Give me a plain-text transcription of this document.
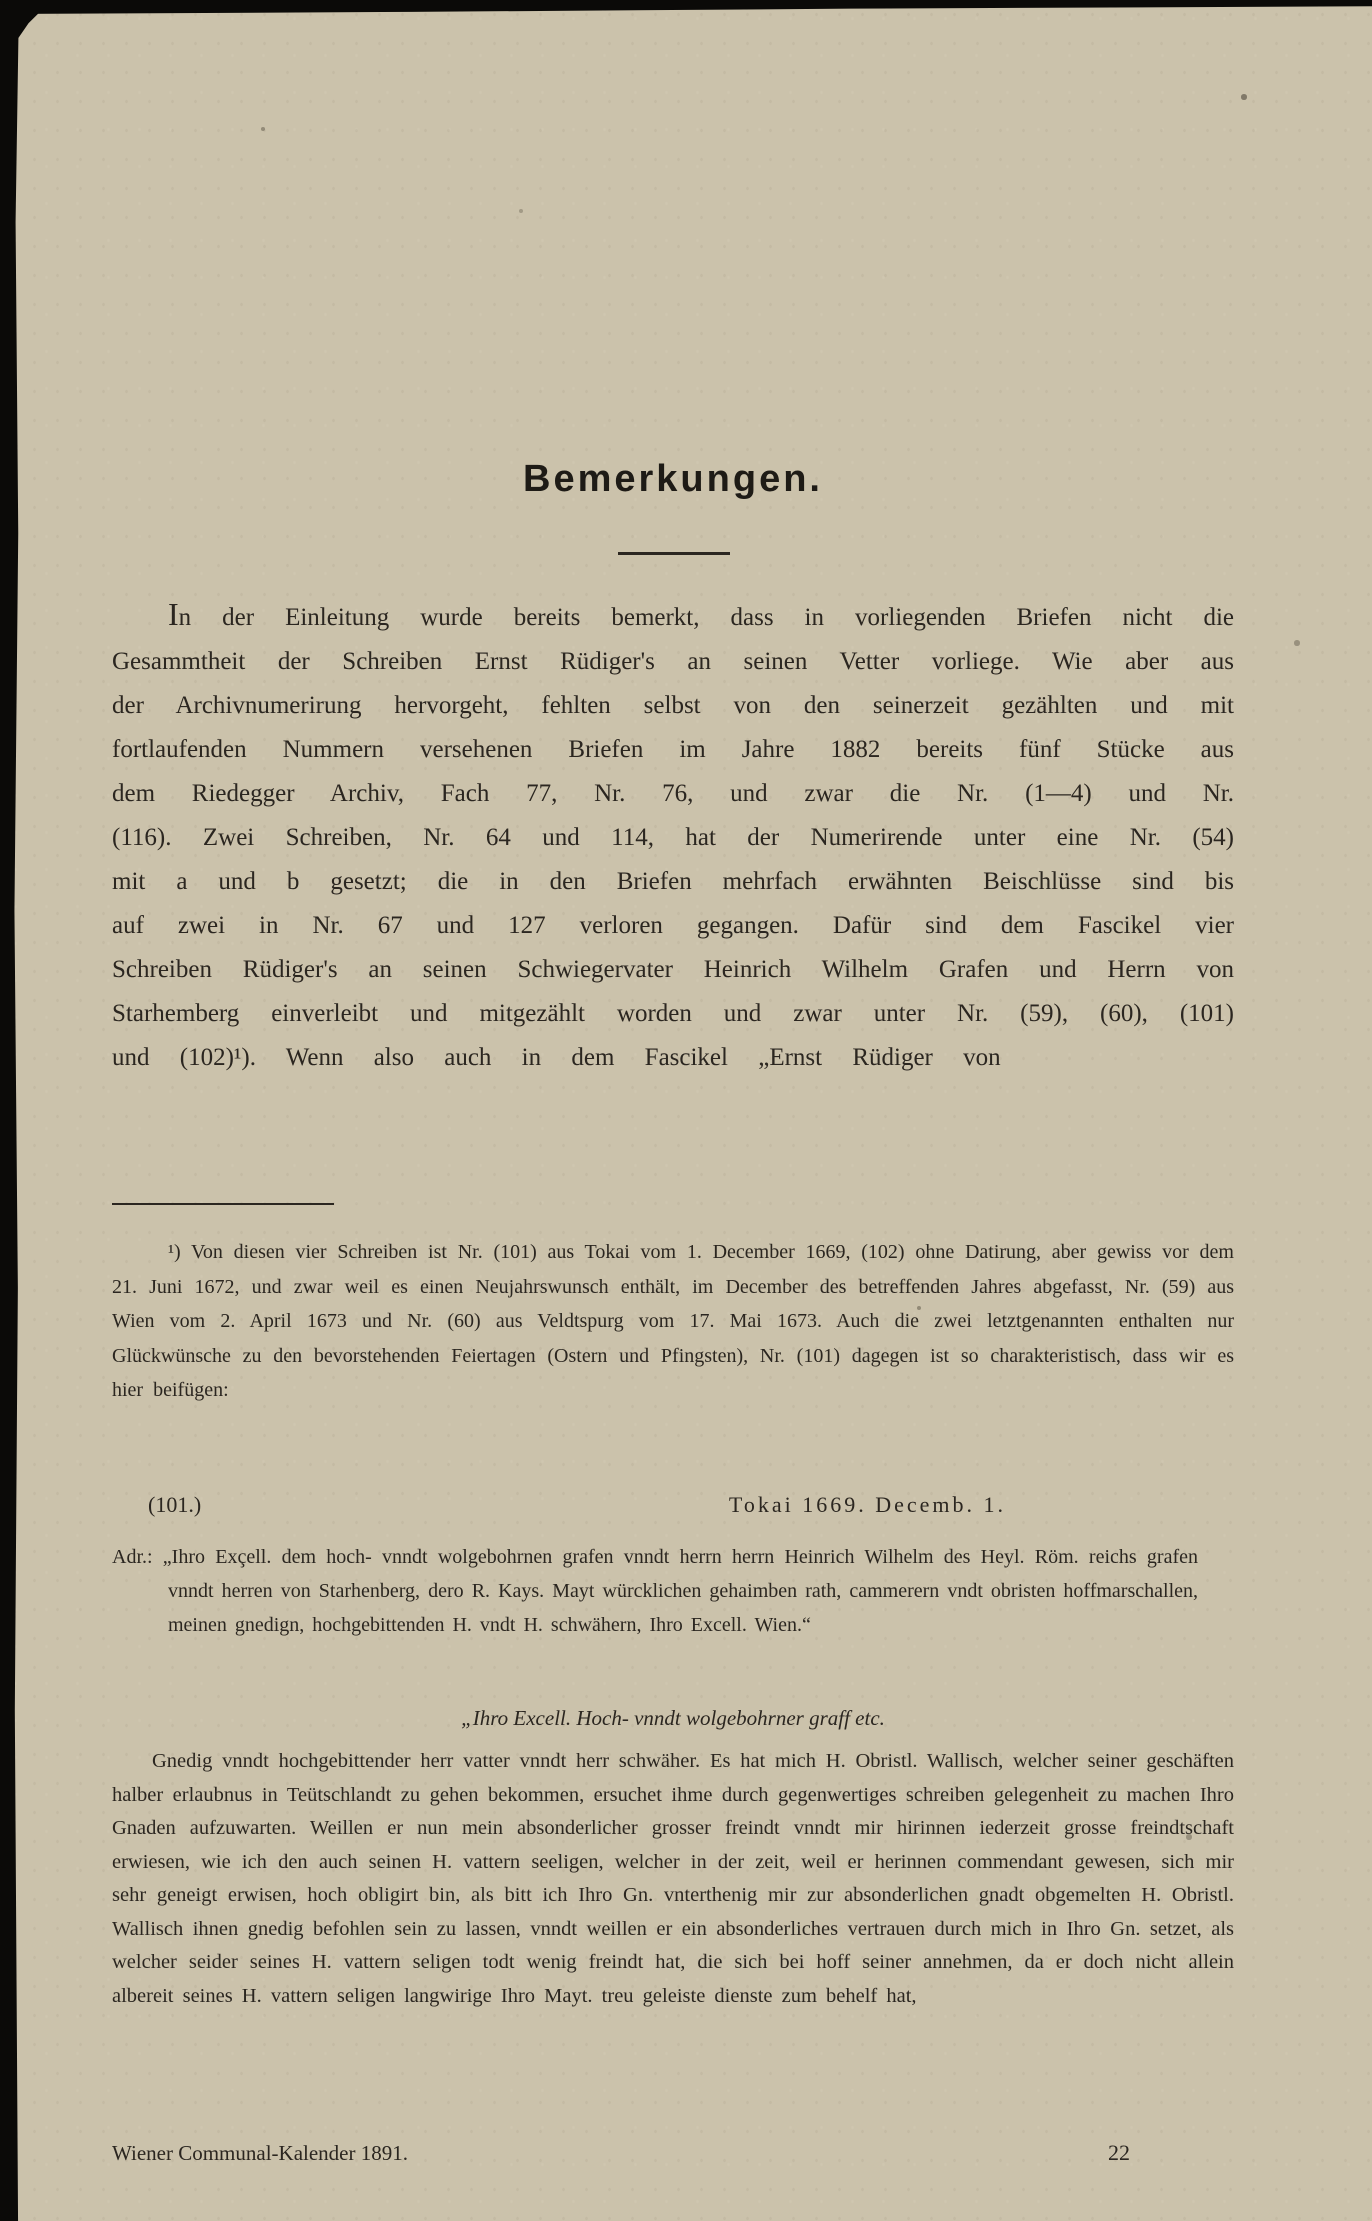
Bemerkungen.

In der Einleitung wurde bereits bemerkt, dass in vorliegenden Briefen nicht die Gesammtheit der Schreiben Ernst Rüdiger's an seinen Vetter vorliege. Wie aber aus der Archivnumerirung hervorgeht, fehlten selbst von den seinerzeit gezählten und mit fortlaufenden Nummern versehenen Briefen im Jahre 1882 bereits fünf Stücke aus dem Riedegger Archiv, Fach 77, Nr. 76, und zwar die Nr. (1—4) und Nr. (116). Zwei Schreiben, Nr. 64 und 114, hat der Numerirende unter eine Nr. (54) mit a und b gesetzt; die in den Briefen mehrfach erwähnten Beischlüsse sind bis auf zwei in Nr. 67 und 127 verloren gegangen. Dafür sind dem Fascikel vier Schreiben Rüdiger's an seinen Schwiegervater Heinrich Wilhelm Grafen und Herrn von Starhemberg einverleibt und mitgezählt worden und zwar unter Nr. (59), (60), (101) und (102)¹). Wenn also auch in dem Fascikel „Ernst Rüdiger von

¹) Von diesen vier Schreiben ist Nr. (101) aus Tokai vom 1. December 1669, (102) ohne Datirung, aber gewiss vor dem 21. Juni 1672, und zwar weil es einen Neujahrswunsch enthält, im December des betreffenden Jahres abgefasst, Nr. (59) aus Wien vom 2. April 1673 und Nr. (60) aus Veldtspurg vom 17. Mai 1673. Auch die zwei letztgenannten enthalten nur Glückwünsche zu den bevorstehenden Feiertagen (Ostern und Pfingsten), Nr. (101) dagegen ist so charakteristisch, dass wir es hier beifügen:

(101.)	Tokai 1669. Decemb. 1.

Adr.: „Ihro Exçell. dem hoch- vnndt wolgebohrnen grafen vnndt herrn herrn Heinrich Wilhelm des Heyl. Röm. reichs grafen vnndt herren von Starhenberg, dero R. Kays. Mayt würcklichen gehaimben rath, cammerern vndt obristen hoffmarschallen, meinen gnedign, hochgebittenden H. vndt H. schwähern, Ihro Excell. Wien.“

„Ihro Excell. Hoch- vnndt wolgebohrner graff etc.

Gnedig vnndt hochgebittender herr vatter vnndt herr schwäher. Es hat mich H. Obristl. Wallisch, welcher seiner geschäften halber erlaubnus in Teütschlandt zu gehen bekommen, ersuchet ihme durch gegenwertiges schreiben gelegenheit zu machen Ihro Gnaden aufzuwarten. Weillen er nun mein absonderlicher grosser freindt vnndt mir hirinnen iederzeit grosse freindtschaft erwiesen, wie ich den auch seinen H. vattern seeligen, welcher in der zeit, weil er herinnen commendant gewesen, sich mir sehr geneigt erwisen, hoch obligirt bin, als bitt ich Ihro Gn. vnterthenig mir zur absonderlichen gnadt obgemelten H. Obristl. Wallisch ihnen gnedig befohlen sein zu lassen, vnndt weillen er ein absonderliches vertrauen durch mich in Ihro Gn. setzet, als welcher seider seines H. vattern seligen todt wenig freindt hat, die sich bei hoff seiner annehmen, da er doch nicht allein albereit seines H. vattern seligen langwirige Ihro Mayt. treu geleiste dienste zum behelf hat,

Wiener Communal-Kalender 1891.	22
